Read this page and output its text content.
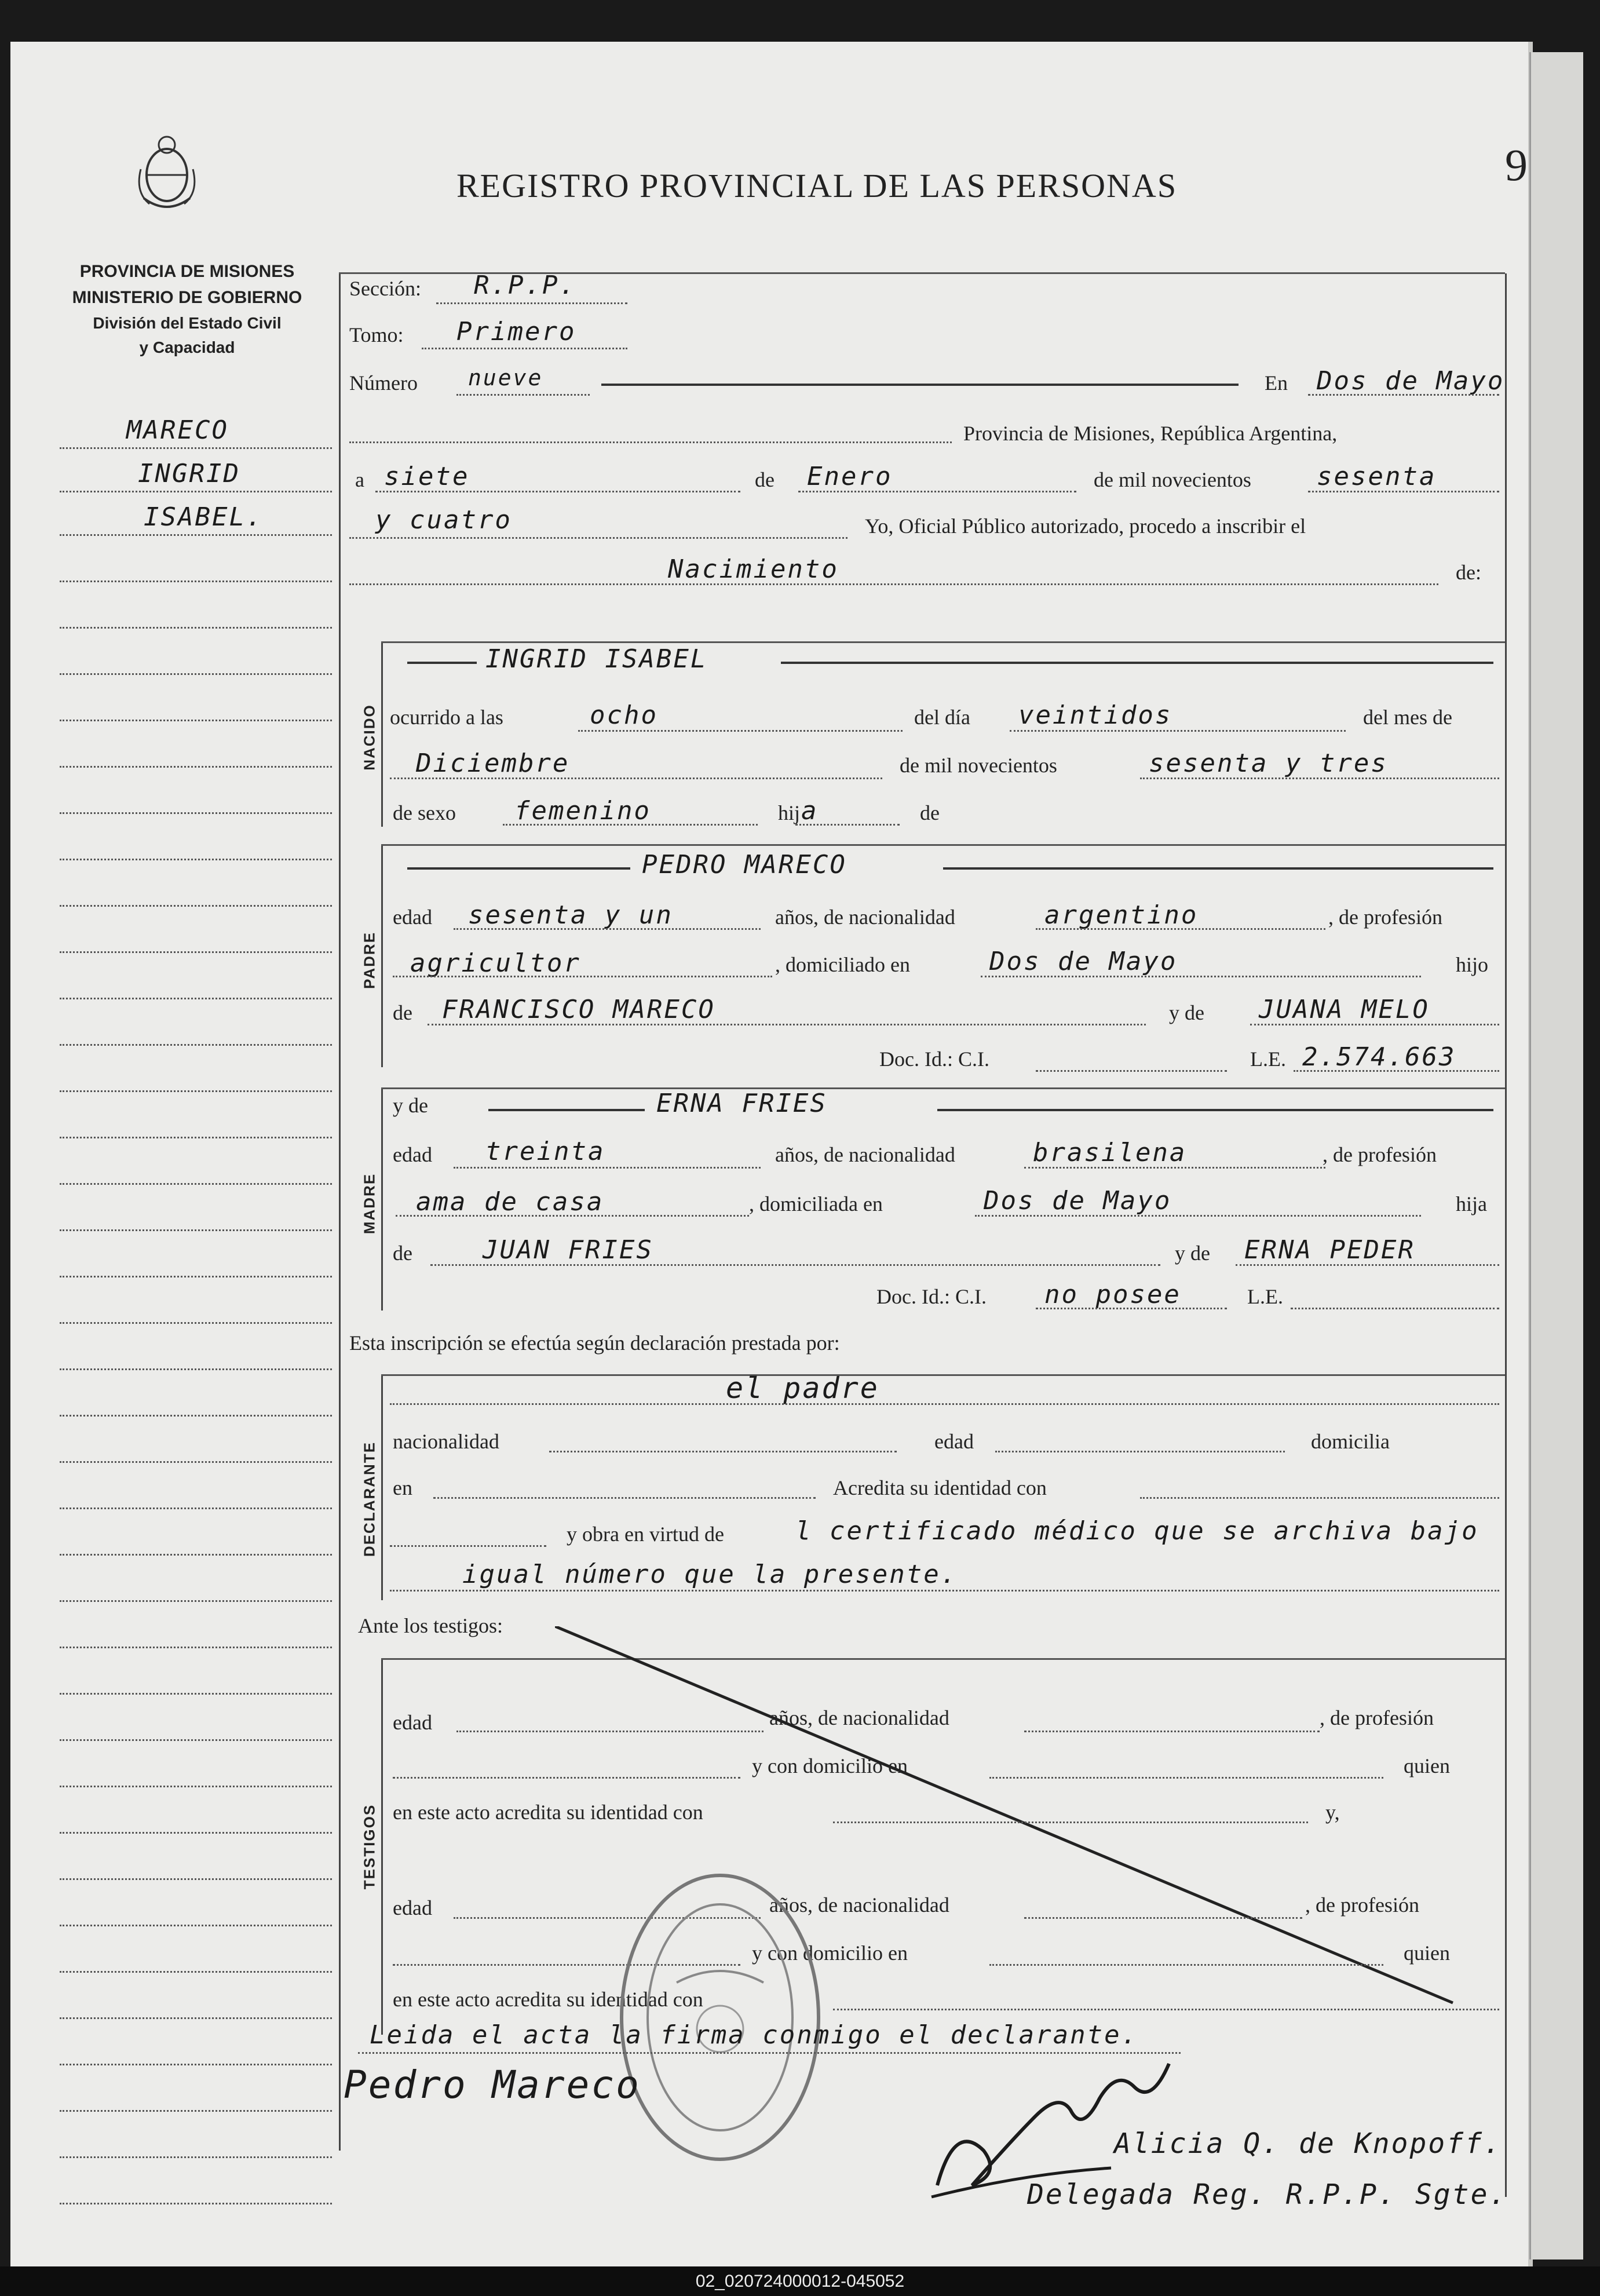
REGISTRO PROVINCIAL DE LAS PERSONAS	9
PROVINCIA DE MISIONES
MINISTERIO DE GOBIERNO
División del Estado Civil
y Capacidad
MARECO
INGRID
ISABEL.
Sección: R.P.P.
Tomo: Primero
Número nueve	En Dos de Mayo
Provincia de Misiones, República Argentina,
a siete	de Enero	de mil novecientos	sesenta
y cuatro	Yo, Oficial Público autorizado, procedo a inscribir el
Nacimiento	de:
NACIDO
INGRID ISABEL
ocurrido a las	ocho	del día veintidos	del mes de
Diciembre	de mil novecientos	sesenta y tres
de sexo femenino	hij a	de
PADRE
PEDRO MARECO
edad sesenta y un	años, de nacionalidad	argentino	, de profesión
agricultor	, domiciliado en	Dos de Mayo	hijo
de FRANCISCO MARECO	y de JUANA MELO
Doc. Id.: C.I.	L.E. 2.574.663
MADRE
y de	ERNA FRIES
edad treinta	años, de nacionalidad	brasilena	, de profesión
ama de casa	, domiciliada en	Dos de Mayo	hija
de	JUAN FRIES	y de ERNA PEDER
Doc. Id.: C.I. no posee	L.E.
Esta inscripción se efectúa según declaración prestada por:
DECLARANTE
el padre
nacionalidad	edad	domicilia
en	Acredita su identidad con
y obra en virtud de	l certificado médico que se archiva bajo
igual número que la presente.
Ante los testigos:
TESTIGOS
edad	años, de nacionalidad	, de profesión
y con domicilio en	quien
en este acto acredita su identidad con	y,
edad	años, de nacionalidad	, de profesión
y con domicilio en	quien
en este acto acredita su identidad con
Leida el acta la firma conmigo el declarante.
Pedro Mareco
Alicia Q. de Knopoff.
Delegada Reg. R.P.P. Sgte.
02_020724000012-045052
